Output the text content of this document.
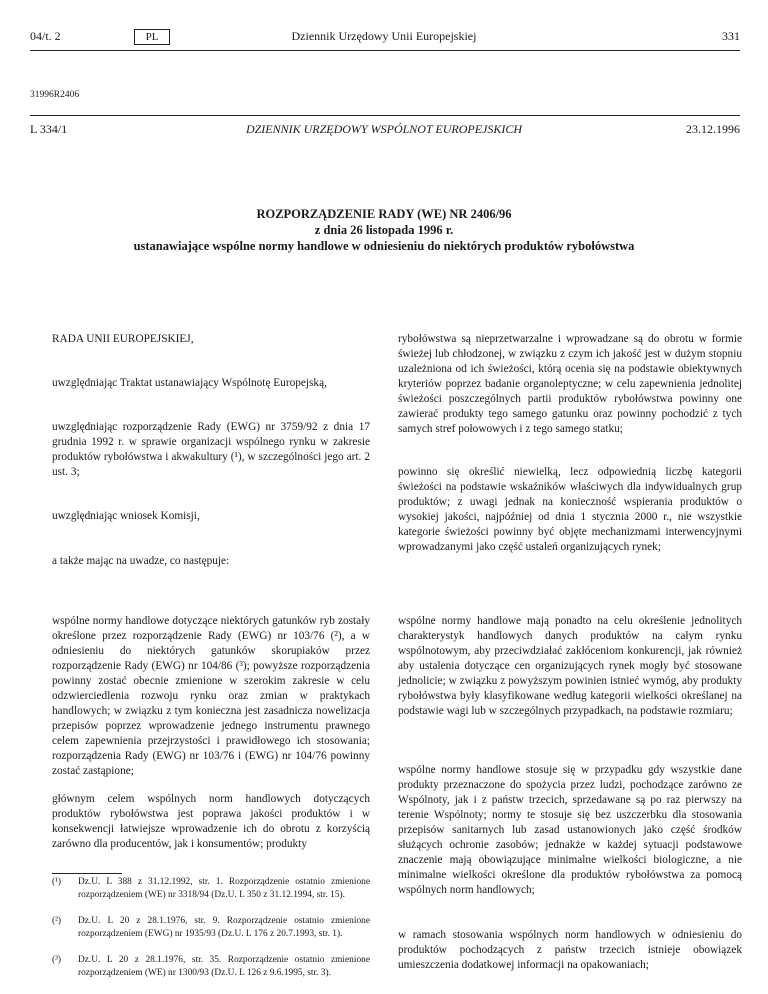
04/t. 2	PL	Dziennik Urzędowy Unii Europejskiej	331
31996R2406
L 334/1	DZIENNIK URZĘDOWY WSPÓLNOT EUROPEJSKICH	23.12.1996
ROZPORZĄDZENIE RADY (WE) NR 2406/96
z dnia 26 listopada 1996 r.
ustanawiające wspólne normy handlowe w odniesieniu do niektórych produktów rybołówstwa

RADA UNII EUROPEJSKIEJ,

uwzględniając Traktat ustanawiający Wspólnotę Europejską,

uwzględniając rozporządzenie Rady (EWG) nr 3759/92 z dnia 17 grudnia 1992 r. w sprawie organizacji wspólnego rynku w zakresie produktów rybołówstwa i akwakultury (¹), w szczególności jego art. 2 ust. 3;

uwzględniając wniosek Komisji,

a także mając na uwadze, co następuje:

wspólne normy handlowe dotyczące niektórych gatunków ryb zostały określone przez rozporządzenie Rady (EWG) nr 103/76 (²), a w odniesieniu do niektórych gatunków skorupiaków przez rozporządzenie Rady (EWG) nr 104/86 (³); powyższe rozporządzenia powinny zostać obecnie zmienione w szerokim zakresie w celu odzwierciedlenia rozwoju rynku oraz zmian w praktykach handlowych; w związku z tym konieczna jest zasadnicza nowelizacja przepisów poprzez wprowadzenie jednego instrumentu prawnego celem zapewnienia przejrzystości i prawidłowego ich stosowania; rozporządzenia Rady (EWG) nr 103/76 i (EWG) nr 104/76 powinny zostać zastąpione;

głównym celem wspólnych norm handlowych dotyczących produktów rybołówstwa jest poprawa jakości produktów i w konsekwencji łatwiejsze wprowadzenie ich do obrotu z korzyścią zarówno dla producentów, jak i konsumentów; produkty

(¹) Dz.U. L 388 z 31.12.1992, str. 1. Rozporządzenie ostatnio zmienione rozporządzeniem (WE) nr 3318/94 (Dz.U. L 350 z 31.12.1994, str. 15).
(²) Dz.U. L 20 z 28.1.1976, str. 9. Rozporządzenie ostatnio zmienione rozporządzeniem (EWG) nr 1935/93 (Dz.U. L 176 z 20.7.1993, str. 1).
(³) Dz.U. L 20 z 28.1.1976, str. 35. Rozporządzenie ostatnio zmienione rozporządzeniem (WE) nr 1300/93 (Dz.U. L 126 z 9.6.1995, str. 3).

rybołówstwa są nieprzetwarzalne i wprowadzane są do obrotu w formie świeżej lub chłodzonej, w związku z czym ich jakość jest w dużym stopniu uzależniona od ich świeżości, którą ocenia się na podstawie obiektywnych kryteriów poprzez badanie organoleptyczne; w celu zapewnienia jednolitej świeżości poszczególnych partii produktów rybołówstwa powinny one zawierać produkty tego samego gatunku oraz powinny pochodzić z tych samych stref połowowych i z tego samego statku;

powinno się określić niewielką, lecz odpowiednią liczbę kategorii świeżości na podstawie wskaźników właściwych dla indywidualnych grup produktów; z uwagi jednak na konieczność wspierania produktów o wysokiej jakości, najpóźniej od dnia 1 stycznia 2000 r., nie wszystkie kategorie świeżości powinny być objęte mechanizmami interwencyjnymi wprowadzanymi jako część ustaleń organizujących rynek;

wspólne normy handlowe mają ponadto na celu określenie jednolitych charakterystyk handlowych danych produktów na całym rynku wspólnotowym, aby przeciwdziałać zakłóceniom konkurencji, jak również aby ustalenia dotyczące cen organizujących rynek mogły być stosowane jednolicie; w związku z powyższym powinien istnieć wymóg, aby produkty rybołówstwa były klasyfikowane według kategorii wielkości określanej na podstawie wagi lub w szczególnych przypadkach, na podstawie rozmiaru;

wspólne normy handlowe stosuje się w przypadku gdy wszystkie dane produkty przeznaczone do spożycia przez ludzi, pochodzące zarówno ze Wspólnoty, jak i z państw trzecich, sprzedawane są po raz pierwszy na terenie Wspólnoty; normy te stosuje się bez uszczerbku dla stosowania przepisów sanitarnych lub zasad ustanowionych jako część środków służących ochronie zasobów; jednakże w każdej sytuacji podstawowe znaczenie mają obowiązujące minimalne wielkości biologiczne, a nie minimalne wielkości określone dla produktów rybołówstwa za pomocą wspólnych norm handlowych;

w ramach stosowania wspólnych norm handlowych w odniesieniu do produktów pochodzących z państw trzecich istnieje obowiązek umieszczenia dodatkowej informacji na opakowaniach;
